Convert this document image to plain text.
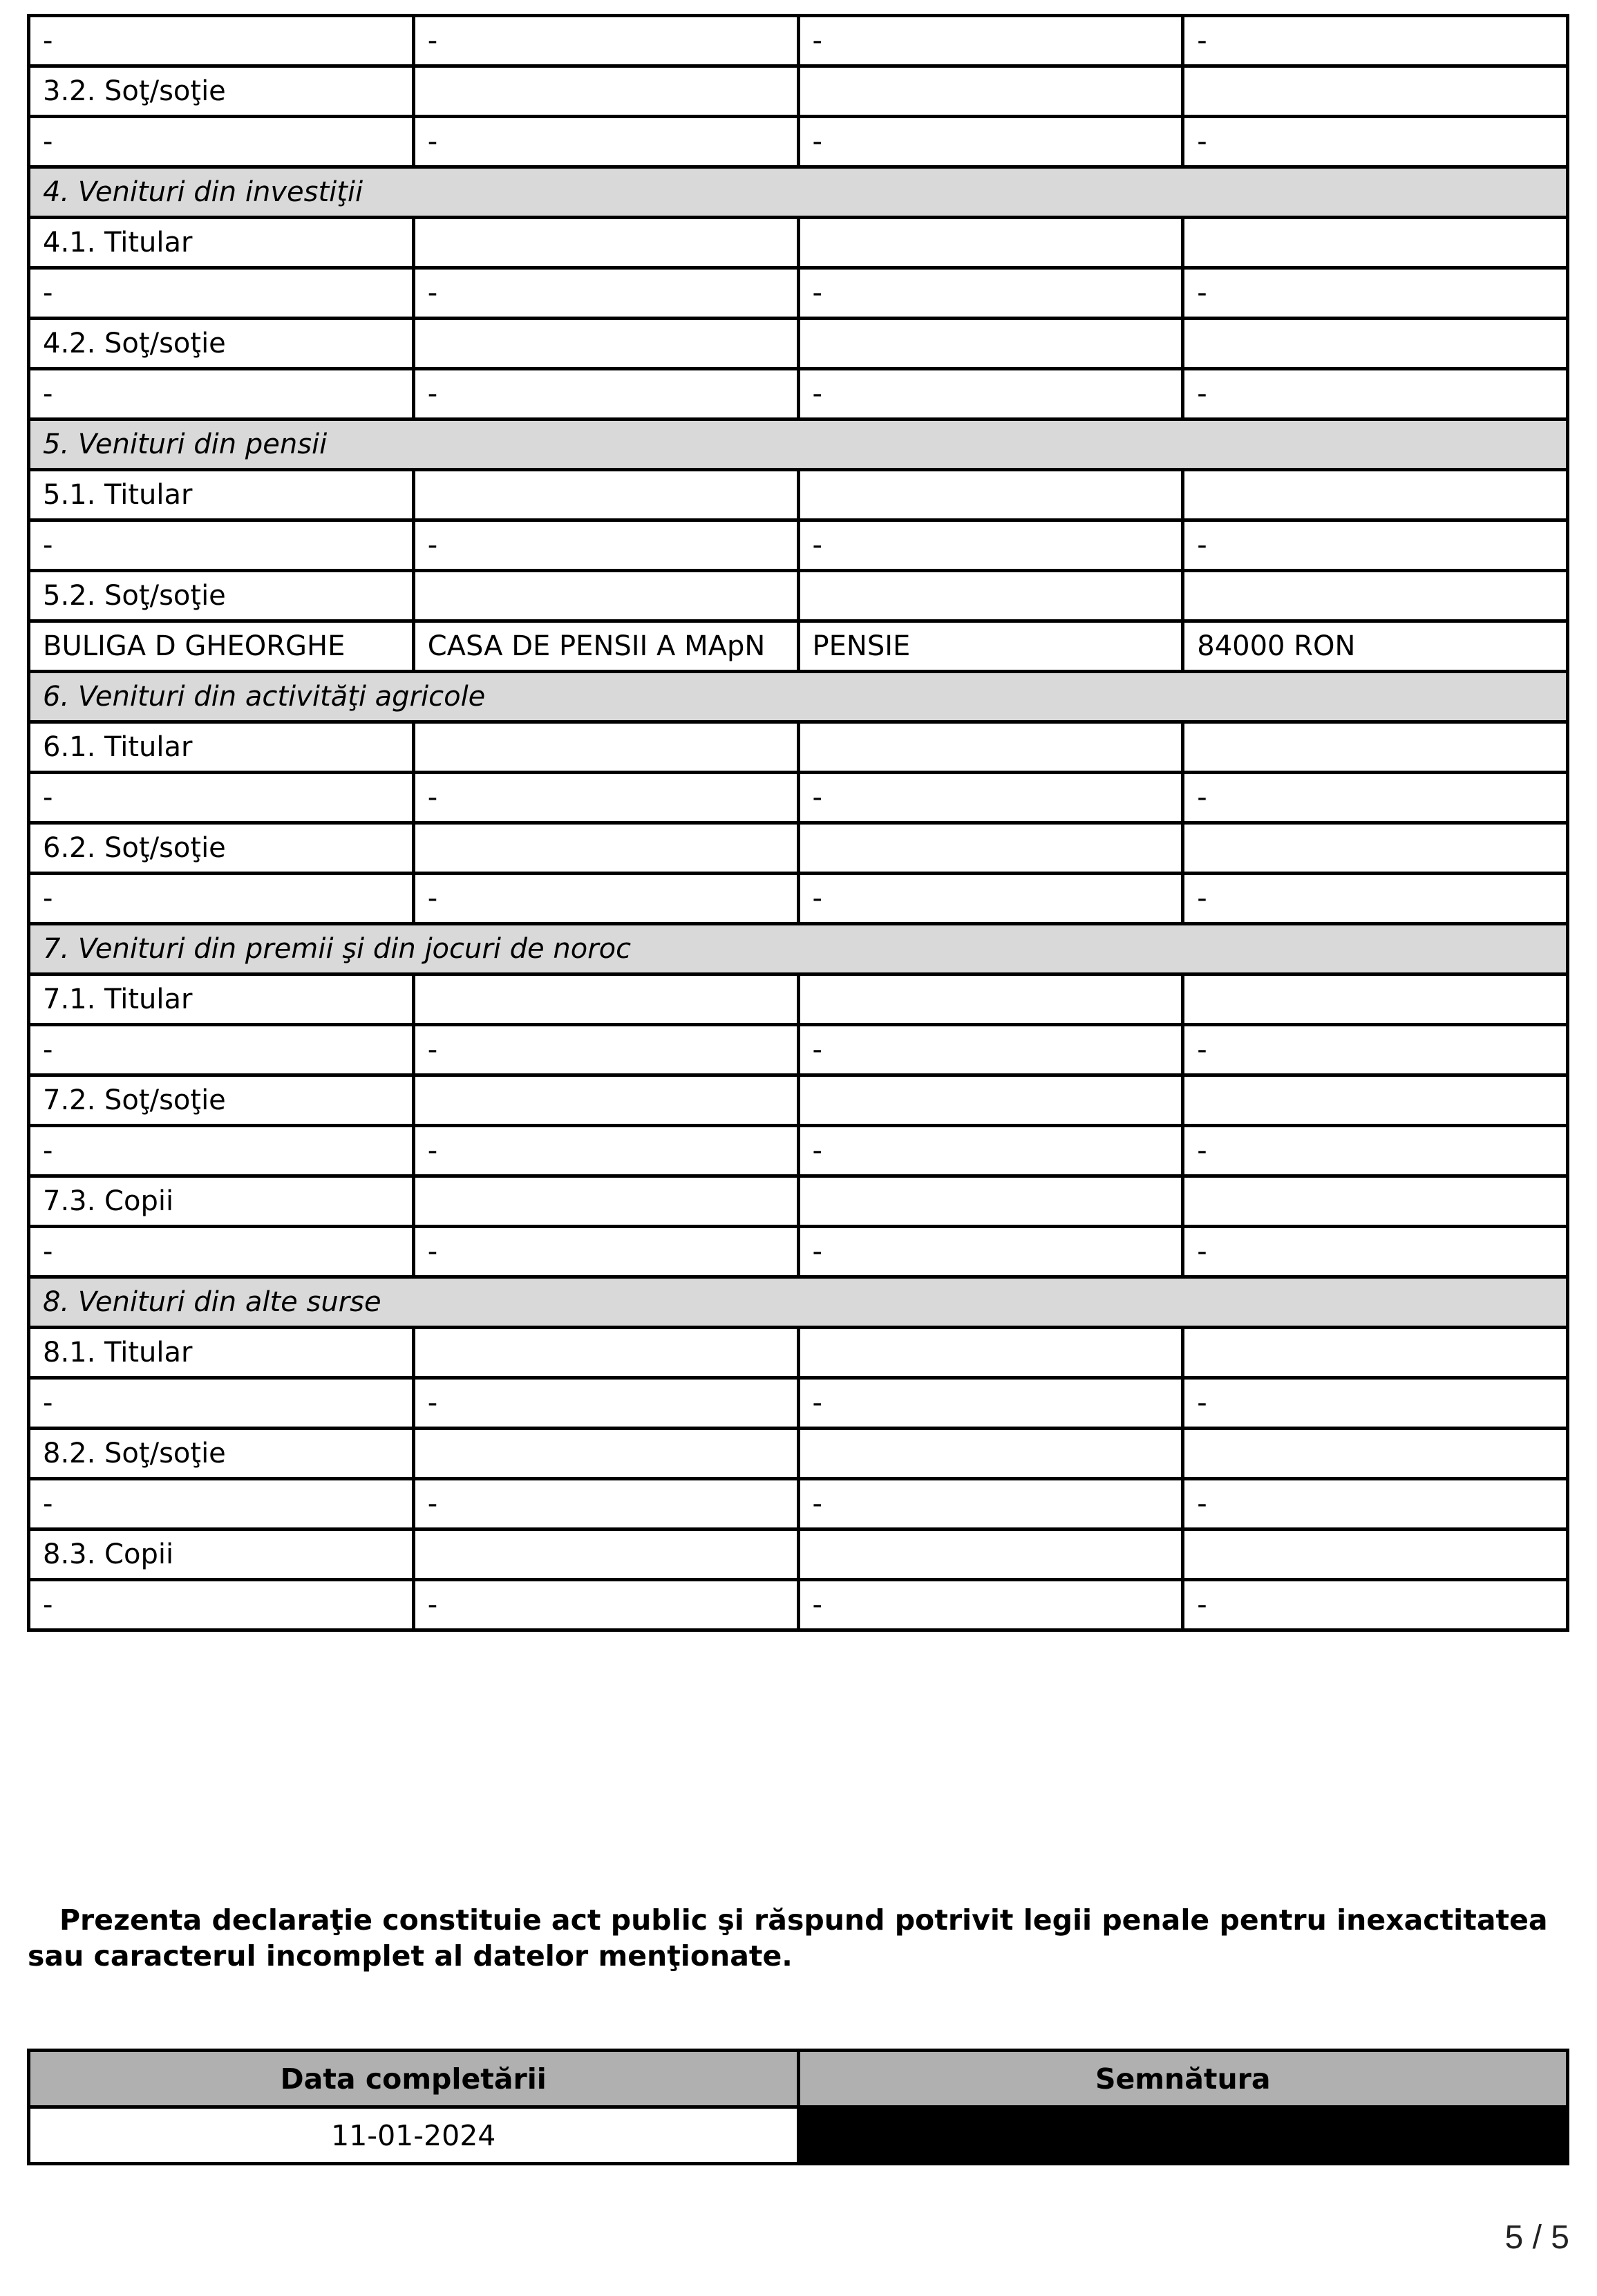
-	-	-	-
3.2. Soţ/soţie			
-	-	-	-
4. Venituri din investiţii			
4.1. Titular			
-	-	-	-
4.2. Soţ/soţie			
-	-	-	-
5. Venituri din pensii			
5.1. Titular			
-	-	-	-
5.2. Soţ/soţie			
BULIGA D GHEORGHE	CASA DE PENSII A MApN	PENSIE	84000 RON
6. Venituri din activităţi agricole			
6.1. Titular			
-	-	-	-
6.2. Soţ/soţie			
-	-	-	-
7. Venituri din premii şi din jocuri de noroc			
7.1. Titular			
-	-	-	-
7.2. Soţ/soţie			
-	-	-	-
7.3. Copii			
-	-	-	-
8. Venituri din alte surse			
8.1. Titular			
-	-	-	-
8.2. Soţ/soţie			
-	-	-	-
8.3. Copii			
-	-	-	-
Prezenta declaraţie constituie act public şi răspund potrivit legii penale pentru inexactitatea sau caracterul incomplet al datelor menţionate.
Data completării	Semnătura
11-01-2024	
5 / 5
